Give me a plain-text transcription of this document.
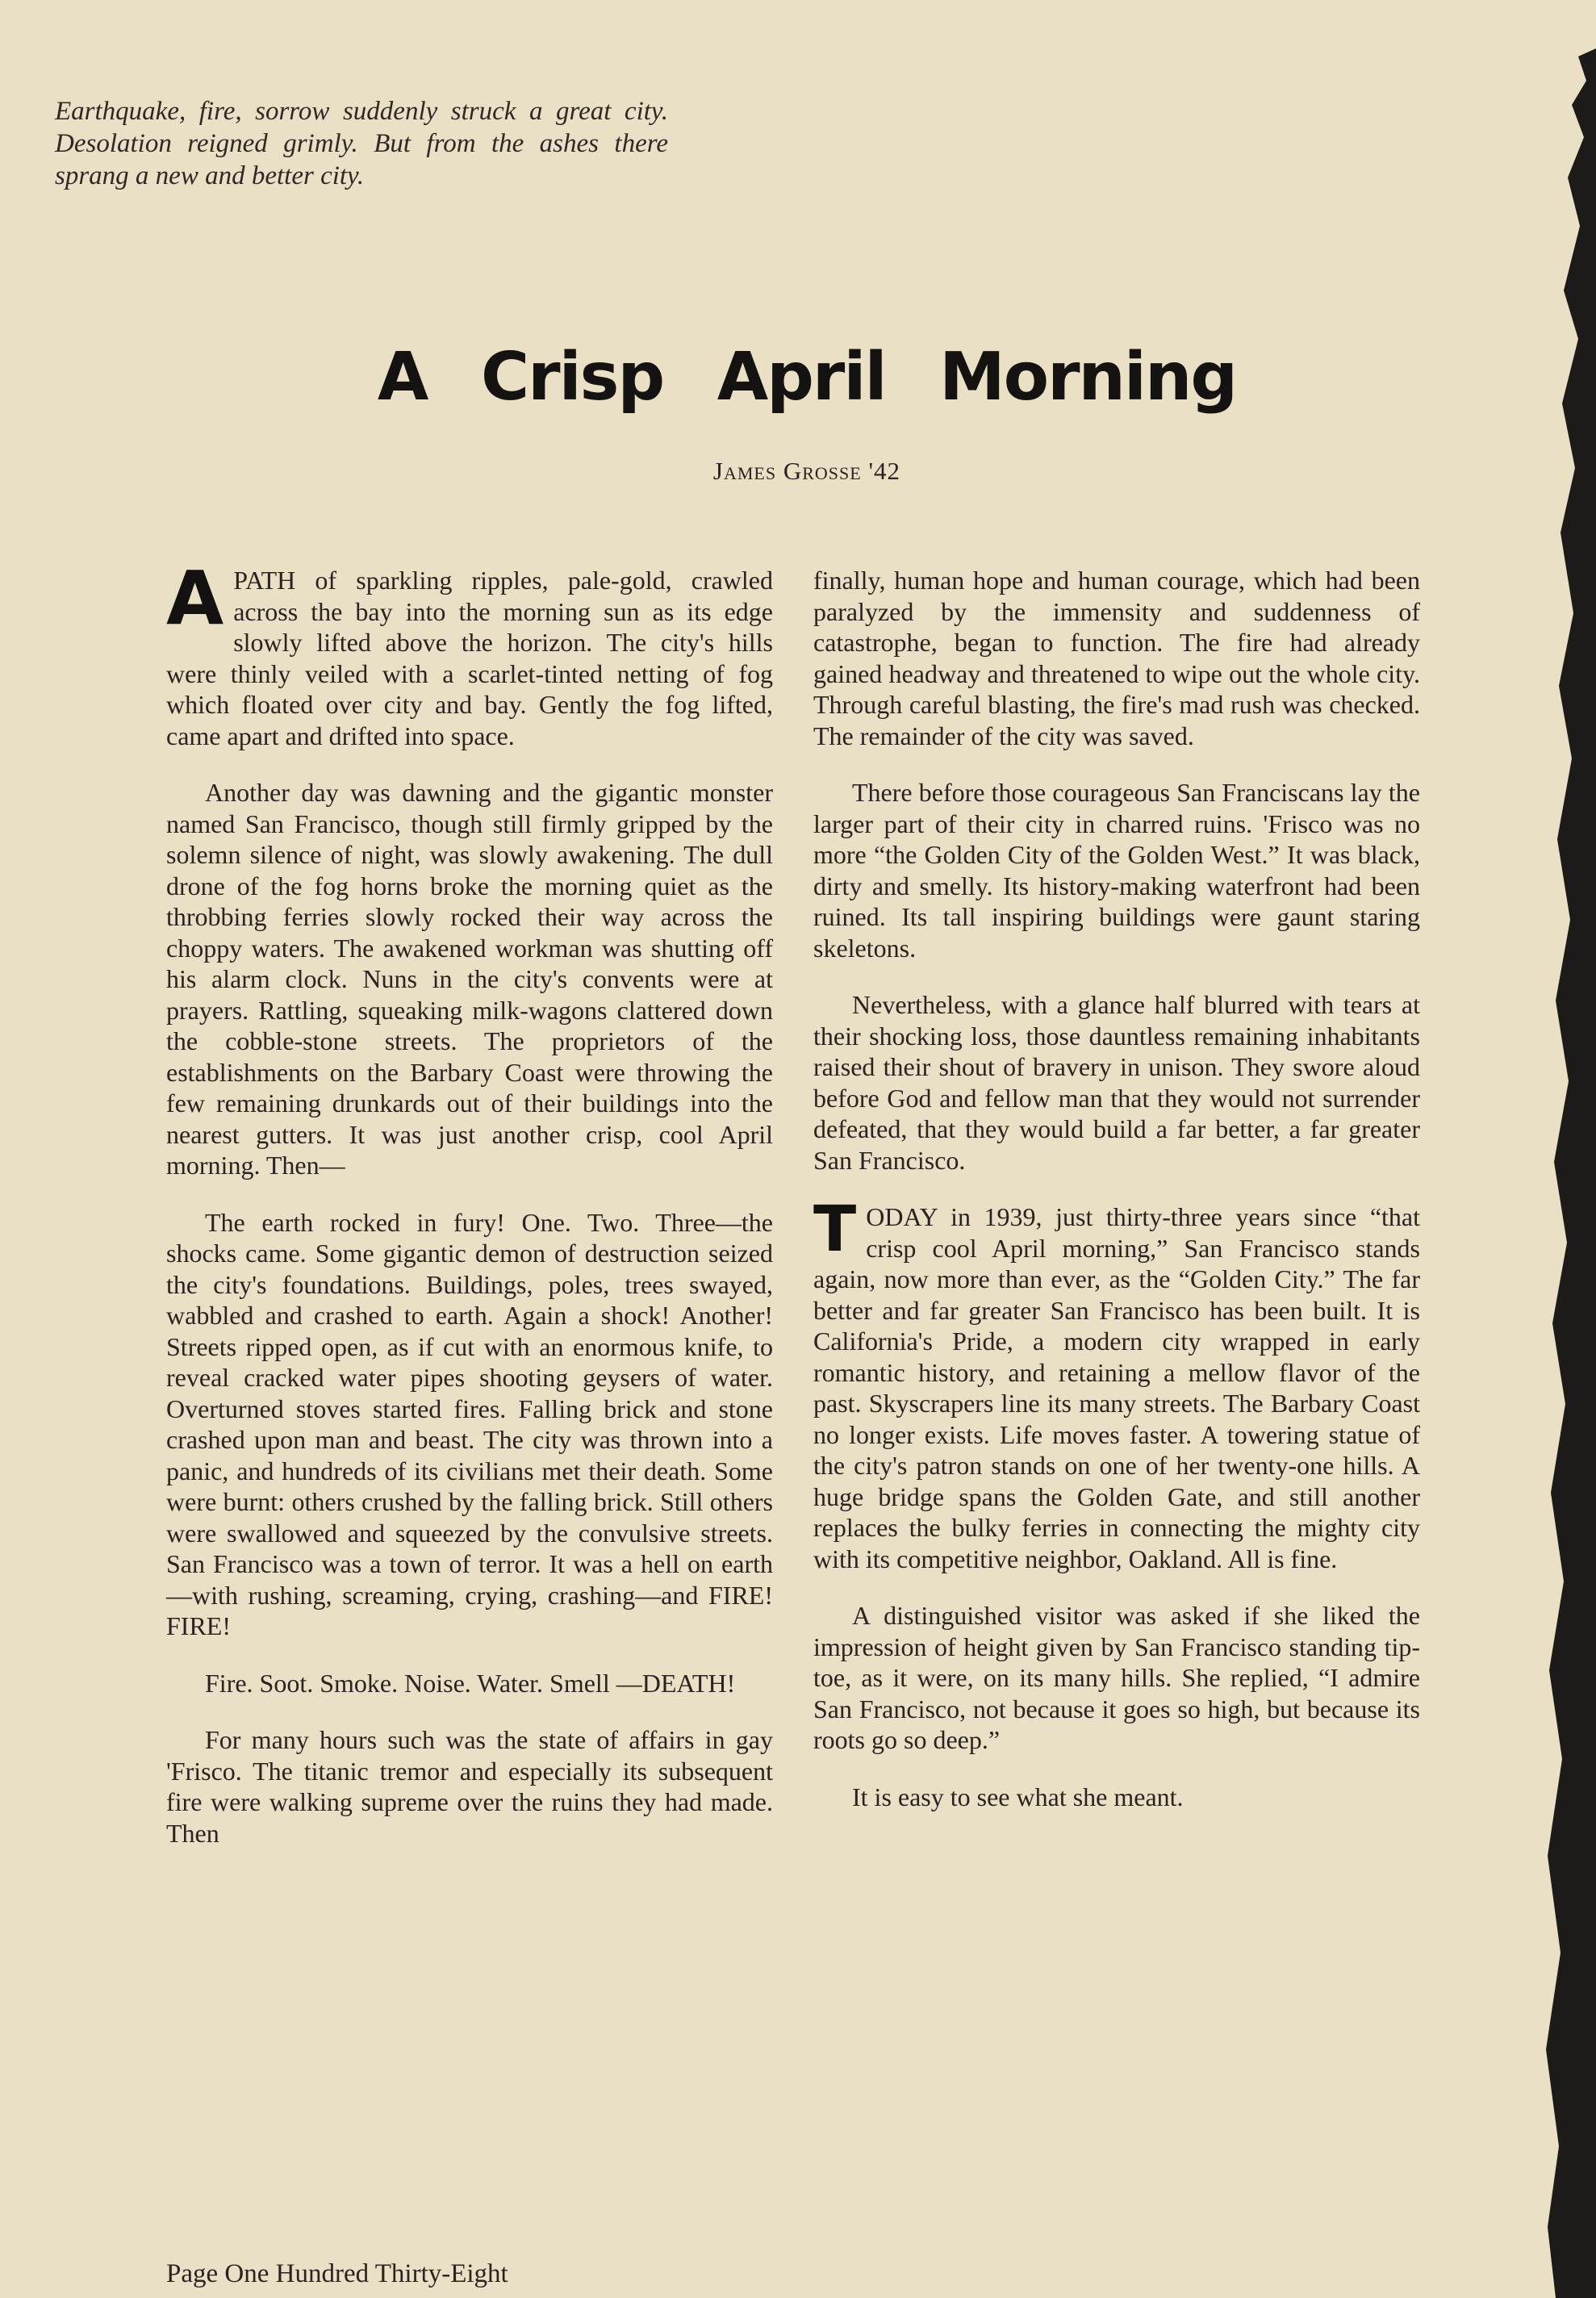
Earthquake, fire, sorrow suddenly struck a great city. Desolation reigned grimly. But from the ashes there sprang a new and better city.
A Crisp April Morning
James Grosse '42

A PATH of sparkling ripples, pale-gold, crawled across the bay into the morning sun as its edge slowly lifted above the horizon. The city's hills were thinly veiled with a scarlet-tinted netting of fog which floated over city and bay. Gently the fog lifted, came apart and drifted into space.

Another day was dawning and the gigantic monster named San Francisco, though still firmly gripped by the solemn silence of night, was slowly awakening. The dull drone of the fog horns broke the morning quiet as the throbbing ferries slowly rocked their way across the choppy waters. The awakened workman was shutting off his alarm clock. Nuns in the city's convents were at prayers. Rattling, squeaking milk-wagons clattered down the cobble-stone streets. The proprietors of the establishments on the Barbary Coast were throwing the few remaining drunkards out of their buildings into the nearest gutters. It was just another crisp, cool April morning. Then—

The earth rocked in fury! One. Two. Three—the shocks came. Some gigantic demon of destruction seized the city's foundations. Buildings, poles, trees swayed, wabbled and crashed to earth. Again a shock! Another! Streets ripped open, as if cut with an enormous knife, to reveal cracked water pipes shooting geysers of water. Overturned stoves started fires. Falling brick and stone crashed upon man and beast. The city was thrown into a panic, and hundreds of its civilians met their death. Some were burnt: others crushed by the falling brick. Still others were swallowed and squeezed by the convulsive streets. San Francisco was a town of terror. It was a hell on earth—with rushing, screaming, crying, crashing—and FIRE! FIRE!

Fire. Soot. Smoke. Noise. Water. Smell —DEATH!

For many hours such was the state of affairs in gay 'Frisco. The titanic tremor and especially its subsequent fire were walking supreme over the ruins they had made. Then

finally, human hope and human courage, which had been paralyzed by the immensity and suddenness of catastrophe, began to function. The fire had already gained headway and threatened to wipe out the whole city. Through careful blasting, the fire's mad rush was checked. The remainder of the city was saved.

There before those courageous San Franciscans lay the larger part of their city in charred ruins. 'Frisco was no more “the Golden City of the Golden West.” It was black, dirty and smelly. Its history-making waterfront had been ruined. Its tall inspiring buildings were gaunt staring skeletons.

Nevertheless, with a glance half blurred with tears at their shocking loss, those dauntless remaining inhabitants raised their shout of bravery in unison. They swore aloud before God and fellow man that they would not surrender defeated, that they would build a far better, a far greater San Francisco.

T ODAY in 1939, just thirty-three years since “that crisp cool April morning,” San Francisco stands again, now more than ever, as the “Golden City.” The far better and far greater San Francisco has been built. It is California's Pride, a modern city wrapped in early romantic history, and retaining a mellow flavor of the past. Skyscrapers line its many streets. The Barbary Coast no longer exists. Life moves faster. A towering statue of the city's patron stands on one of her twenty-one hills. A huge bridge spans the Golden Gate, and still another replaces the bulky ferries in connecting the mighty city with its competitive neighbor, Oakland. All is fine.

A distinguished visitor was asked if she liked the impression of height given by San Francisco standing tip-toe, as it were, on its many hills. She replied, “I admire San Francisco, not because it goes so high, but because its roots go so deep.”

It is easy to see what she meant.

Page One Hundred Thirty-Eight
